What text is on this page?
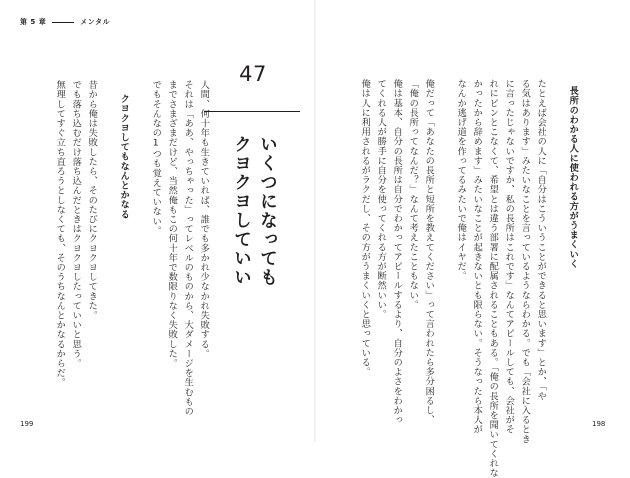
第 5 章	メンタル
47
いくつになっても
クヨクヨしていい
人間、何十年も生きていれば、誰でも多かれ少なかれ失敗する。
それは「ああ、やっちゃった」ってレベルのものから、大ダメージを生むもの
までさまざまだけど、当然俺もこの何十年で数限りなく失敗した。
でもそんなの1つも覚えていない。
クヨクヨしてもなんとかなる
昔から俺は失敗したら、そのたびにクヨクヨしてきた。
でも落ち込むだけ落ち込んだときはクヨクヨしたっていいと思う。
無理してすぐ立ち直ろうとしなくても、そのうちなんとかなるからだ。
199
長所のわかる人に使われる方がうまくいく
たとえば会社の人に「自分はこういうことができると思います」とか、「や
る気はあります」みたいなことを言っているようならわかる。でも「会社に入るとき
に言ったじゃないですか、私の長所はこれです」なんてアピールしても、会社がそ
れにピンとこなくて、希望とは違う部署に配属されることもある。「俺の長所を聞いてくれな
かったから辞めます」みたいなことが起きないとも限らない。そうなったら本人が
なんか逃げ道を作ってるみたいで俺はイヤだ。
俺だって「あなたの長所と短所を教えてください」って言われたら多分困るし、
「俺の長所ってなんだ？」なんて考えたこともない。
俺は基本、自分の長所は自分でわかってアピールするより、自分のよさをわかっ
てくれる人が勝手に自分を使ってくれる方が断然いい。
俺は人に利用されるがラクだし、その方がうまくいくと思っている。
198
